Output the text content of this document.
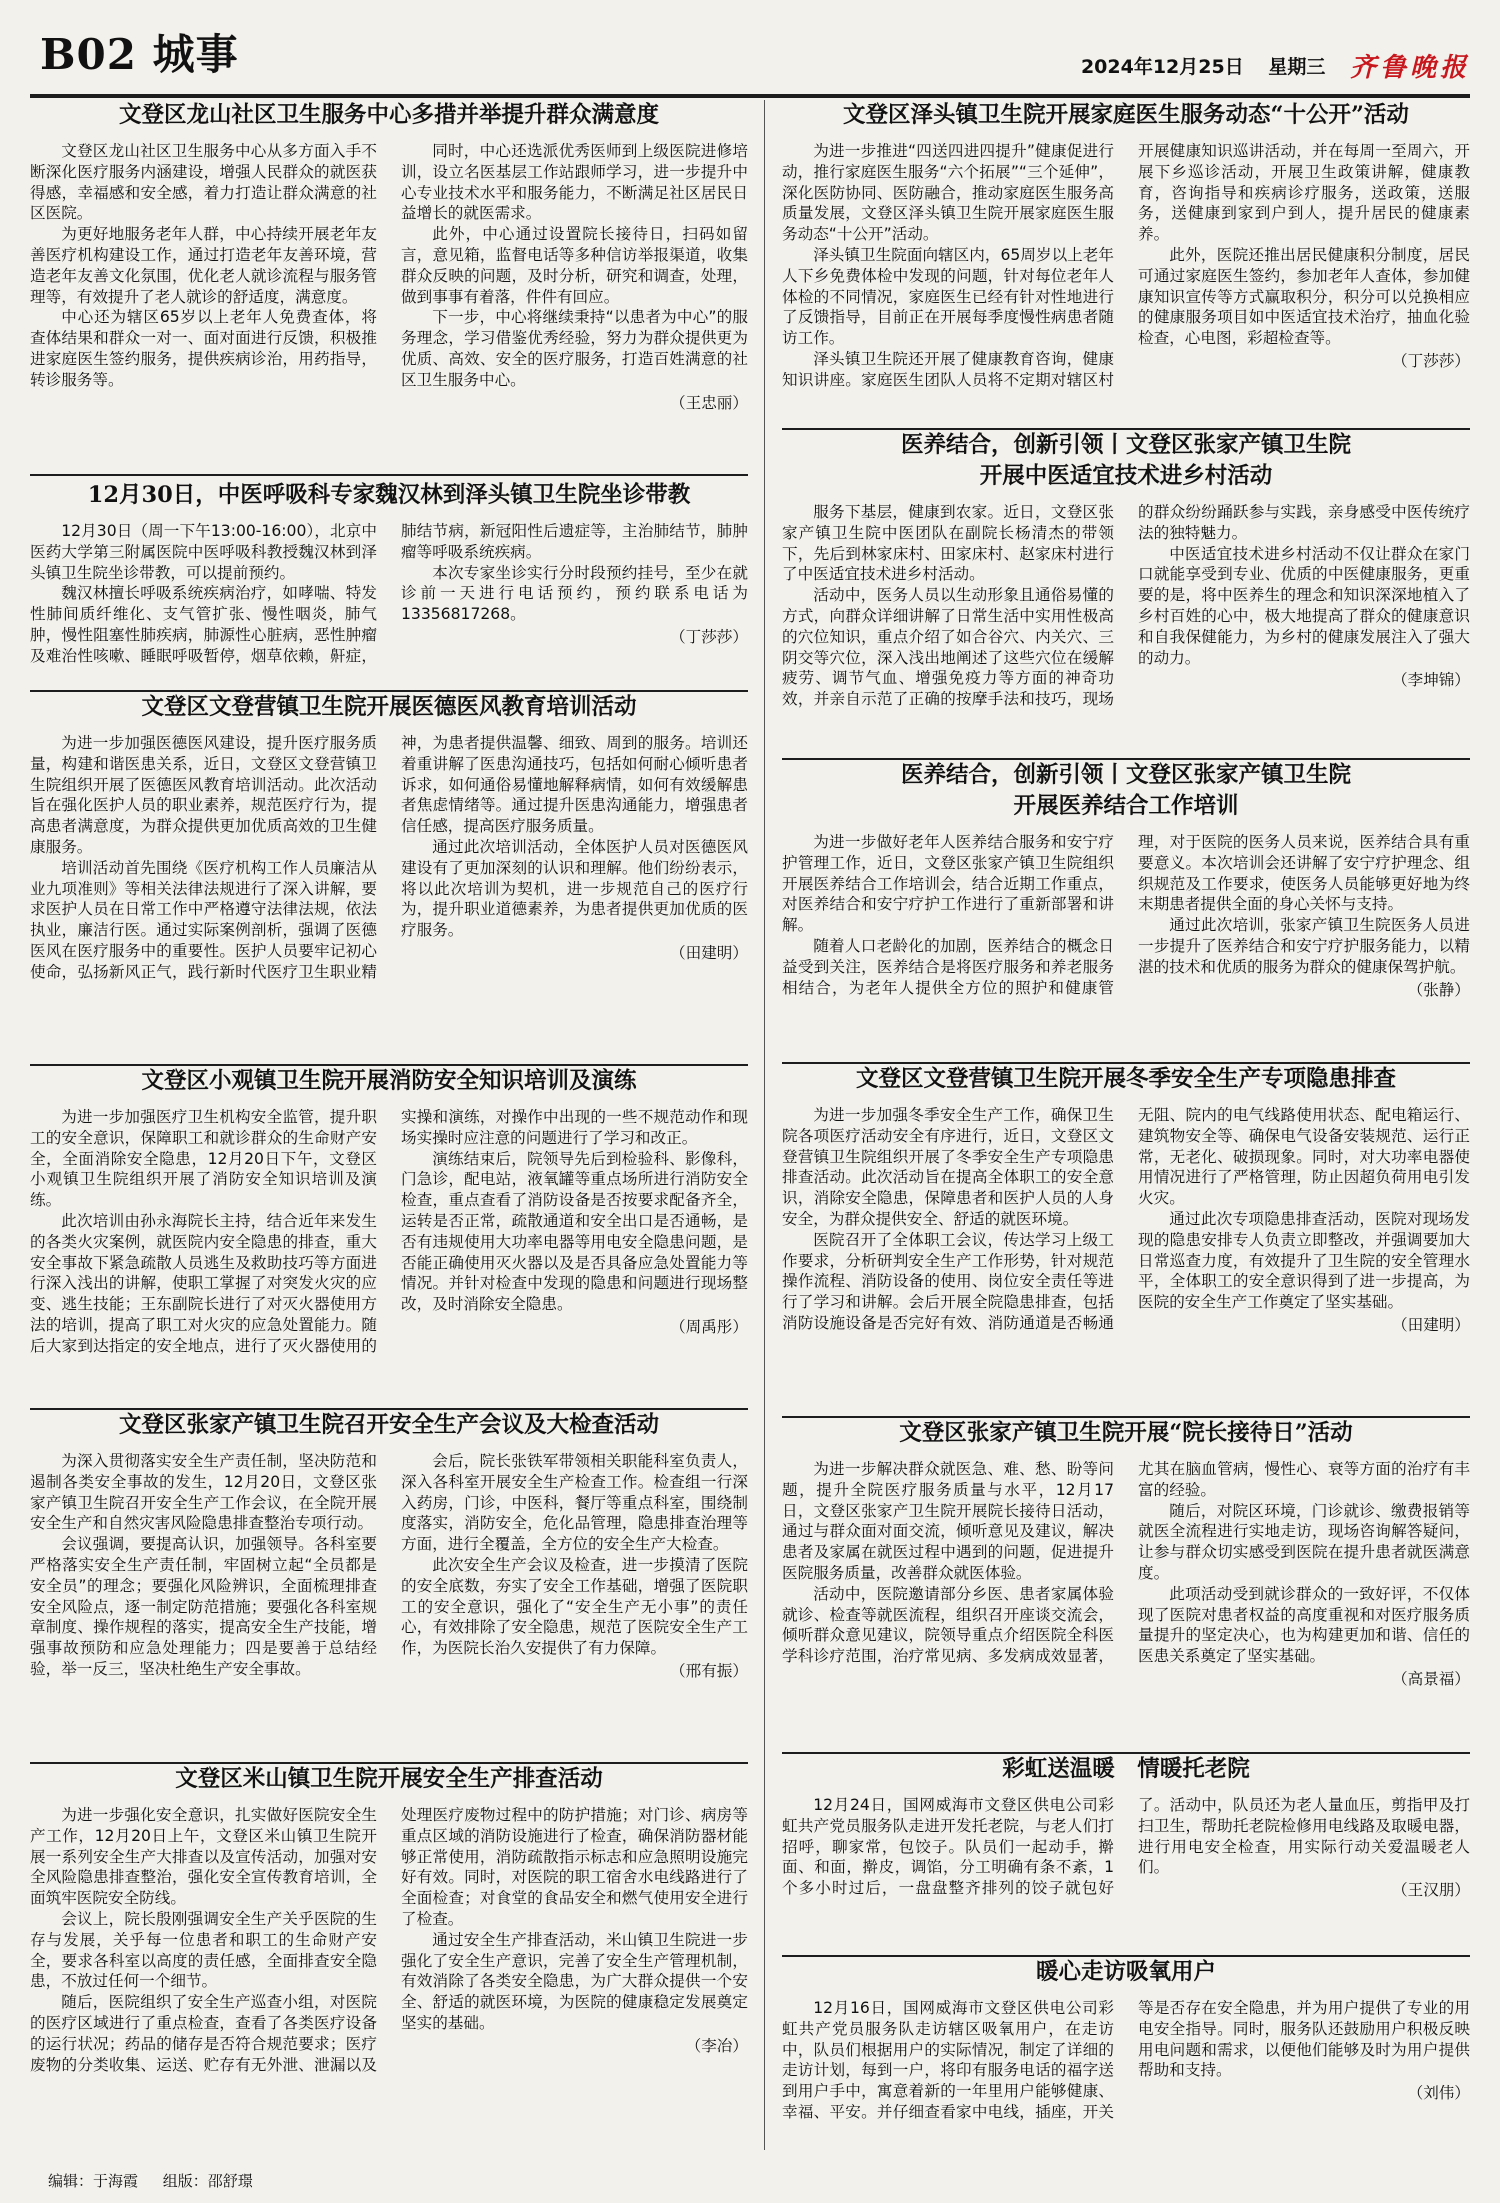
B02 城事	2024年12月25日 星期三 齐鲁晚报
文登区龙山社区卫生服务中心多措并举提升群众满意度

文登区龙山社区卫生服务中心从多方面入手不断深化医疗服务内涵建设，增强人民群众的就医获得感，幸福感和安全感，着力打造让群众满意的社区医院。

为更好地服务老年人群，中心持续开展老年友善医疗机构建设工作，通过打造老年友善环境，营造老年友善文化氛围，优化老人就诊流程与服务管理等，有效提升了老人就诊的舒适度，满意度。

中心还为辖区65岁以上老年人免费查体，将查体结果和群众一对一、面对面进行反馈，积极推进家庭医生签约服务，提供疾病诊治，用药指导，转诊服务等。

同时，中心还选派优秀医师到上级医院进修培训，设立名医基层工作站跟师学习，进一步提升中心专业技术水平和服务能力，不断满足社区居民日益增长的就医需求。

此外，中心通过设置院长接待日，扫码如留言，意见箱，监督电话等多种信访举报渠道，收集群众反映的问题，及时分析，研究和调查，处理，做到事事有着落，件件有回应。

下一步，中心将继续秉持“以患者为中心”的服务理念，学习借鉴优秀经验，努力为群众提供更为优质、高效、安全的医疗服务，打造百姓满意的社区卫生服务中心。

（王忠丽）
12月30日，中医呼吸科专家魏汉林到泽头镇卫生院坐诊带教

12月30日（周一下午13:00-16:00），北京中医药大学第三附属医院中医呼吸科教授魏汉林到泽头镇卫生院坐诊带教，可以提前预约。

魏汉林擅长呼吸系统疾病治疗，如哮喘、特发性肺间质纤维化、支气管扩张、慢性咽炎，肺气肿，慢性阻塞性肺疾病，肺源性心脏病，恶性肿瘤及难治性咳嗽、睡眠呼吸暂停，烟草依赖，鼾症，肺结节病，新冠阳性后遗症等，主治肺结节，肺肿瘤等呼吸系统疾病。

本次专家坐诊实行分时段预约挂号，至少在就诊前一天进行电话预约，预约联系电话为13356817268。

（丁莎莎）
文登区文登营镇卫生院开展医德医风教育培训活动

为进一步加强医德医风建设，提升医疗服务质量，构建和谐医患关系，近日，文登区文登营镇卫生院组织开展了医德医风教育培训活动。此次活动旨在强化医护人员的职业素养，规范医疗行为，提高患者满意度，为群众提供更加优质高效的卫生健康服务。

培训活动首先围绕《医疗机构工作人员廉洁从业九项准则》等相关法律法规进行了深入讲解，要求医护人员在日常工作中严格遵守法律法规，依法执业，廉洁行医。通过实际案例剖析，强调了医德医风在医疗服务中的重要性。医护人员要牢记初心使命，弘扬新风正气，践行新时代医疗卫生职业精神，为患者提供温馨、细致、周到的服务。培训还着重讲解了医患沟通技巧，包括如何耐心倾听患者诉求，如何通俗易懂地解释病情，如何有效缓解患者焦虑情绪等。通过提升医患沟通能力，增强患者信任感，提高医疗服务质量。

通过此次培训活动，全体医护人员对医德医风建设有了更加深刻的认识和理解。他们纷纷表示，将以此次培训为契机，进一步规范自己的医疗行为，提升职业道德素养，为患者提供更加优质的医疗服务。

（田建明）
文登区小观镇卫生院开展消防安全知识培训及演练

为进一步加强医疗卫生机构安全监管，提升职工的安全意识，保障职工和就诊群众的生命财产安全，全面消除安全隐患，12月20日下午，文登区小观镇卫生院组织开展了消防安全知识培训及演练。

此次培训由孙永海院长主持，结合近年来发生的各类火灾案例，就医院内安全隐患的排查，重大安全事故下紧急疏散人员逃生及救助技巧等方面进行深入浅出的讲解，使职工掌握了对突发火灾的应变、逃生技能；王东副院长进行了对灭火器使用方法的培训，提高了职工对火灾的应急处置能力。随后大家到达指定的安全地点，进行了灭火器使用的实操和演练，对操作中出现的一些不规范动作和现场实操时应注意的问题进行了学习和改正。

演练结束后，院领导先后到检验科、影像科，门急诊，配电站，液氧罐等重点场所进行消防安全检查，重点查看了消防设备是否按要求配备齐全，运转是否正常，疏散通道和安全出口是否通畅，是否有违规使用大功率电器等用电安全隐患问题，是否能正确使用灭火器以及是否具备应急处置能力等情况。并针对检查中发现的隐患和问题进行现场整改，及时消除安全隐患。

（周禹彤）
文登区张家产镇卫生院召开安全生产会议及大检查活动

为深入贯彻落实安全生产责任制，坚决防范和遏制各类安全事故的发生，12月20日，文登区张家产镇卫生院召开安全生产工作会议，在全院开展安全生产和自然灾害风险隐患排查整治专项行动。

会议强调，要提高认识，加强领导。各科室要严格落实安全生产责任制，牢固树立起“全员都是安全员”的理念；要强化风险辨识，全面梳理排查安全风险点，逐一制定防范措施；要强化各科室规章制度、操作规程的落实，提高安全生产技能，增强事故预防和应急处理能力；四是要善于总结经验，举一反三，坚决杜绝生产安全事故。

会后，院长张铁军带领相关职能科室负责人，深入各科室开展安全生产检查工作。检查组一行深入药房，门诊，中医科，餐厅等重点科室，围绕制度落实，消防安全，危化品管理，隐患排查治理等方面，进行全覆盖，全方位的安全生产大检查。

此次安全生产会议及检查，进一步摸清了医院的安全底数，夯实了安全工作基础，增强了医院职工的安全意识，强化了“安全生产无小事”的责任心，有效排除了安全隐患，规范了医院安全生产工作，为医院长治久安提供了有力保障。

（邢有振）
文登区米山镇卫生院开展安全生产排查活动

为进一步强化安全意识，扎实做好医院安全生产工作，12月20日上午，文登区米山镇卫生院开展一系列安全生产大排查以及宣传活动，加强对安全风险隐患排查整治，强化安全宣传教育培训，全面筑牢医院安全防线。

会议上，院长殷刚强调安全生产关乎医院的生存与发展，关乎每一位患者和职工的生命财产安全，要求各科室以高度的责任感，全面排查安全隐患，不放过任何一个细节。

随后，医院组织了安全生产巡查小组，对医院的医疗区域进行了重点检查，查看了各类医疗设备的运行状况；药品的储存是否符合规范要求；医疗废物的分类收集、运送、贮存有无外泄、泄漏以及处理医疗废物过程中的防护措施；对门诊、病房等重点区域的消防设施进行了检查，确保消防器材能够正常使用，消防疏散指示标志和应急照明设施完好有效。同时，对医院的职工宿舍水电线路进行了全面检查；对食堂的食品安全和燃气使用安全进行了检查。

通过安全生产排查活动，米山镇卫生院进一步强化了安全生产意识，完善了安全生产管理机制，有效消除了各类安全隐患，为广大群众提供一个安全、舒适的就医环境，为医院的健康稳定发展奠定坚实的基础。

（李冶）
文登区泽头镇卫生院开展家庭医生服务动态“十公开”活动

为进一步推进“四送四进四提升”健康促进行动，推行家庭医生服务“六个拓展”“三个延伸”，深化医防协同、医防融合，推动家庭医生服务高质量发展，文登区泽头镇卫生院开展家庭医生服务动态“十公开”活动。

泽头镇卫生院面向辖区内，65周岁以上老年人下乡免费体检中发现的问题，针对每位老年人体检的不同情况，家庭医生已经有针对性地进行了反馈指导，目前正在开展每季度慢性病患者随访工作。

泽头镇卫生院还开展了健康教育咨询，健康知识讲座。家庭医生团队人员将不定期对辖区村开展健康知识巡讲活动，并在每周一至周六，开展下乡巡诊活动，开展卫生政策讲解，健康教育，咨询指导和疾病诊疗服务，送政策，送服务，送健康到家到户到人，提升居民的健康素养。

此外，医院还推出居民健康积分制度，居民可通过家庭医生签约，参加老年人查体，参加健康知识宣传等方式赢取积分，积分可以兑换相应的健康服务项目如中医适宜技术治疗，抽血化验检查，心电图，彩超检查等。

（丁莎莎）
医养结合，创新引领丨文登区张家产镇卫生院
开展中医适宜技术进乡村活动

服务下基层，健康到农家。近日，文登区张家产镇卫生院中医团队在副院长杨清杰的带领下，先后到林家床村、田家床村、赵家床村进行了中医适宜技术进乡村活动。

活动中，医务人员以生动形象且通俗易懂的方式，向群众详细讲解了日常生活中实用性极高的穴位知识，重点介绍了如合谷穴、内关穴、三阴交等穴位，深入浅出地阐述了这些穴位在缓解疲劳、调节气血、增强免疫力等方面的神奇功效，并亲自示范了正确的按摩手法和技巧，现场的群众纷纷踊跃参与实践，亲身感受中医传统疗法的独特魅力。

中医适宜技术进乡村活动不仅让群众在家门口就能享受到专业、优质的中医健康服务，更重要的是，将中医养生的理念和知识深深地植入了乡村百姓的心中，极大地提高了群众的健康意识和自我保健能力，为乡村的健康发展注入了强大的动力。

（李坤锦）
医养结合，创新引领丨文登区张家产镇卫生院
开展医养结合工作培训

为进一步做好老年人医养结合服务和安宁疗护管理工作，近日，文登区张家产镇卫生院组织开展医养结合工作培训会，结合近期工作重点，对医养结合和安宁疗护工作进行了重新部署和讲解。

随着人口老龄化的加剧，医养结合的概念日益受到关注，医养结合是将医疗服务和养老服务相结合，为老年人提供全方位的照护和健康管理，对于医院的医务人员来说，医养结合具有重要意义。本次培训会还讲解了安宁疗护理念、组织规范及工作要求，使医务人员能够更好地为终末期患者提供全面的身心关怀与支持。

通过此次培训，张家产镇卫生院医务人员进一步提升了医养结合和安宁疗护服务能力，以精湛的技术和优质的服务为群众的健康保驾护航。

（张静）
文登区文登营镇卫生院开展冬季安全生产专项隐患排查

为进一步加强冬季安全生产工作，确保卫生院各项医疗活动安全有序进行，近日，文登区文登营镇卫生院组织开展了冬季安全生产专项隐患排查活动。此次活动旨在提高全体职工的安全意识，消除安全隐患，保障患者和医护人员的人身安全，为群众提供安全、舒适的就医环境。

医院召开了全体职工会议，传达学习上级工作要求，分析研判安全生产工作形势，针对规范操作流程、消防设备的使用、岗位安全责任等进行了学习和讲解。会后开展全院隐患排查，包括消防设施设备是否完好有效、消防通道是否畅通无阻、院内的电气线路使用状态、配电箱运行、建筑物安全等、确保电气设备安装规范、运行正常，无老化、破损现象。同时，对大功率电器使用情况进行了严格管理，防止因超负荷用电引发火灾。

通过此次专项隐患排查活动，医院对现场发现的隐患安排专人负责立即整改，并强调要加大日常巡查力度，有效提升了卫生院的安全管理水平，全体职工的安全意识得到了进一步提高，为医院的安全生产工作奠定了坚实基础。

（田建明）
文登区张家产镇卫生院开展“院长接待日”活动

为进一步解决群众就医急、难、愁、盼等问题，提升全院医疗服务质量与水平，12月17日，文登区张家产卫生院开展院长接待日活动，通过与群众面对面交流，倾听意见及建议，解决患者及家属在就医过程中遇到的问题，促进提升医院服务质量，改善群众就医体验。

活动中，医院邀请部分乡医、患者家属体验就诊、检查等就医流程，组织召开座谈交流会，倾听群众意见建议，院领导重点介绍医院全科医学科诊疗范围，治疗常见病、多发病成效显著，尤其在脑血管病，慢性心、衰等方面的治疗有丰富的经验。

随后，对院区环境，门诊就诊、缴费报销等就医全流程进行实地走访，现场咨询解答疑问，让参与群众切实感受到医院在提升患者就医满意度。

此项活动受到就诊群众的一致好评，不仅体现了医院对患者权益的高度重视和对医疗服务质量提升的坚定决心，也为构建更加和谐、信任的医患关系奠定了坚实基础。

（高景福）
彩虹送温暖　情暖托老院

12月24日，国网威海市文登区供电公司彩虹共产党员服务队走进开发托老院，与老人们打招呼，聊家常，包饺子。队员们一起动手，擀面、和面，擀皮，调馅，分工明确有条不紊，1个多小时过后，一盘盘整齐排列的饺子就包好了。活动中，队员还为老人量血压，剪指甲及打扫卫生，帮助托老院检修用电线路及取暖电器，进行用电安全检查，用实际行动关爱温暖老人们。

（王汉朋）
暖心走访吸氧用户

12月16日，国网威海市文登区供电公司彩虹共产党员服务队走访辖区吸氧用户，在走访中，队员们根据用户的实际情况，制定了详细的走访计划，每到一户，将印有服务电话的福字送到用户手中，寓意着新的一年里用户能够健康、幸福、平安。并仔细查看家中电线，插座，开关等是否存在安全隐患，并为用户提供了专业的用电安全指导。同时，服务队还鼓励用户积极反映用电问题和需求，以便他们能够及时为用户提供帮助和支持。

（刘伟）
编辑：于海霞 组版：邵舒璟
